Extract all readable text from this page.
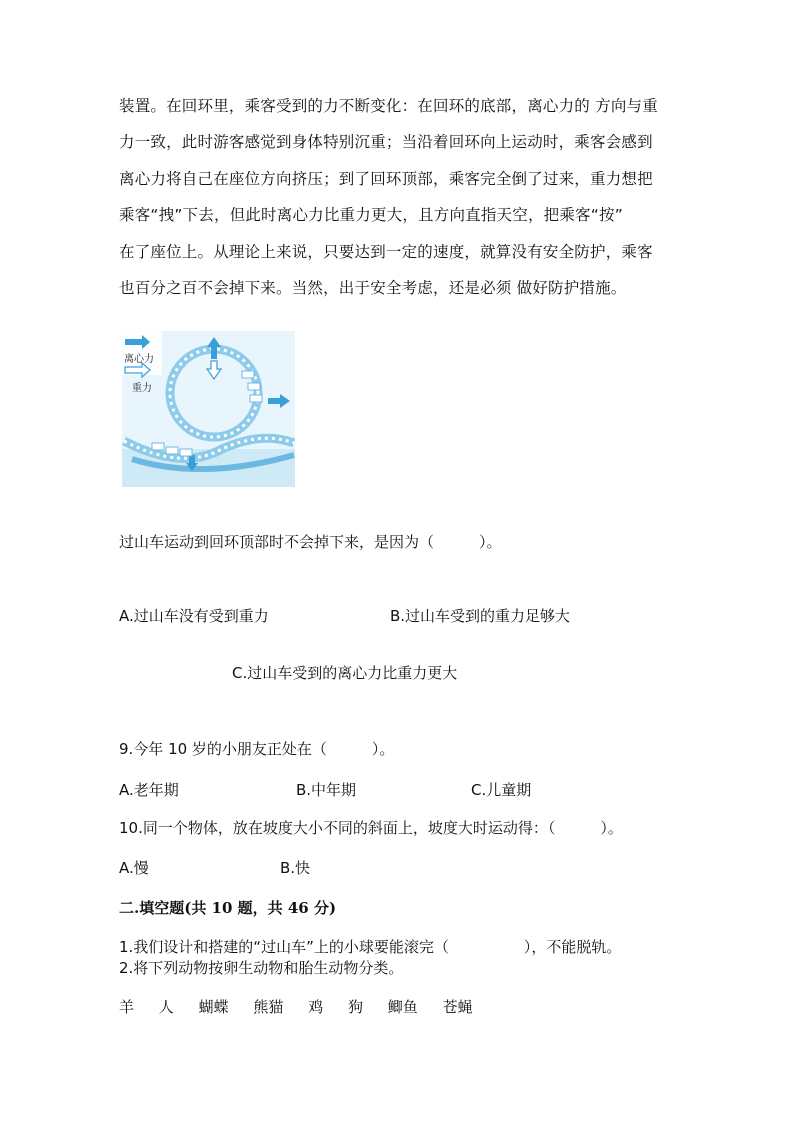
装置。在回环里，乘客受到的力不断变化：在回环的底部，离心力的 方向与重
力一致，此时游客感觉到身体特别沉重；当沿着回环向上运动时，乘客会感到
离心力将自己在座位方向挤压；到了回环顶部，乘客完全倒了过来，重力想把
乘客“拽”下去，但此时离心力比重力更大，且方向直指天空，把乘客“按”
在了座位上。从理论上来说，只要达到一定的速度，就算没有安全防护，乘客
也百分之百不会掉下来。当然，出于安全考虑，还是必须 做好防护措施。
离心力
重力
过山车运动到回环顶部时不会掉下来，是因为（　　　）。
A.过山车没有受到重力	B.过山车受到的重力足够大
C.过山车受到的离心力比重力更大
9.今年 10 岁的小朋友正处在（　　　）。
A.老年期	B.中年期	C.儿童期
10.同一个物体，放在坡度大小不同的斜面上，坡度大时运动得：（　　　）。
A.慢	B.快
二.填空题(共 10 题，共 46 分)
1.我们设计和搭建的“过山车”上的小球要能滚完（　　　　　），不能脱轨。
2.将下列动物按卵生动物和胎生动物分类。
羊 人 蝴蝶 熊猫 鸡 狗 鲫鱼 苍蝇
